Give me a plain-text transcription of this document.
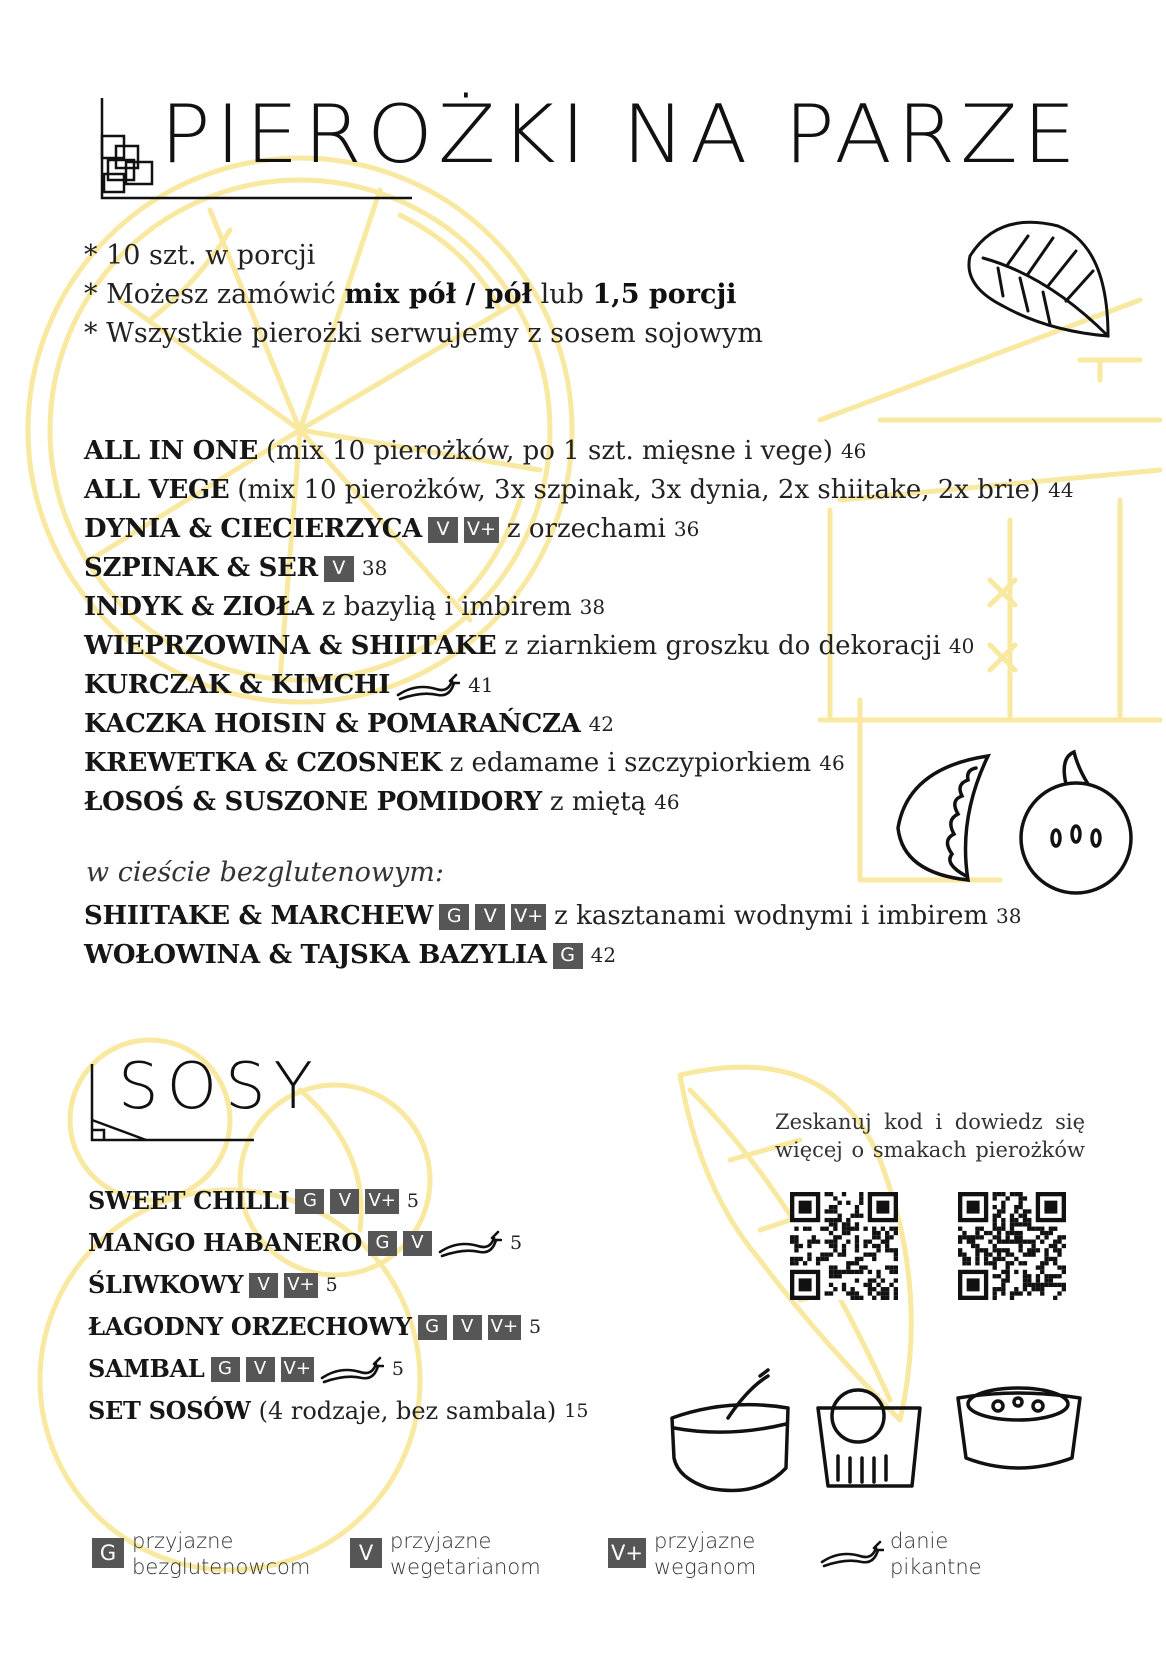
PIEROŻKI NA PARZE
* 10 szt. w porcji
* Możesz zamówić mix pół / pół lub 1,5 porcji
* Wszystkie pierożki serwujemy z sosem sojowym
ALL IN ONE (mix 10 pierożków, po 1 szt. mięsne i vege) 46
ALL VEGE (mix 10 pierożków, 3x szpinak, 3x dynia, 2x shiitake, 2x brie) 44
DYNIA & CIECIERZYCA V V+ z orzechami 36
SZPINAK & SER V 38
INDYK & ZIOŁA z bazylią i imbirem 38
WIEPRZOWINA & SHIITAKE z ziarnkiem groszku do dekoracji 40
KURCZAK & KIMCHI	41
KACZKA HOISIN & POMARAŃCZA 42
KREWETKA & CZOSNEK z edamame i szczypiorkiem 46
ŁOSOŚ & SUSZONE POMIDORY z miętą 46
w cieście bezglutenowym:
SHIITAKE & MARCHEW G	V V+ z kasztanami wodnymi i imbirem 38
WOŁOWINA & TAJSKA BAZYLIA G 42
SOSY
SWEET CHILLI G	V V+ 5
MANGO HABANERO G	V	5
ŚLIWKOWY V V+ 5
ŁAGODNY ORZECHOWY G	V V+ 5
SAMBAL G	V V+	5
SET SOSÓW (4 rodzaje, bez sambala) 15
Zeskanuj kod i dowiedz się więcej o smakach pierożków
G przyjazne
bezglutenowcom
V przyjazne
wegetarianom
V+ przyjazne
weganom
danie
pikantne
